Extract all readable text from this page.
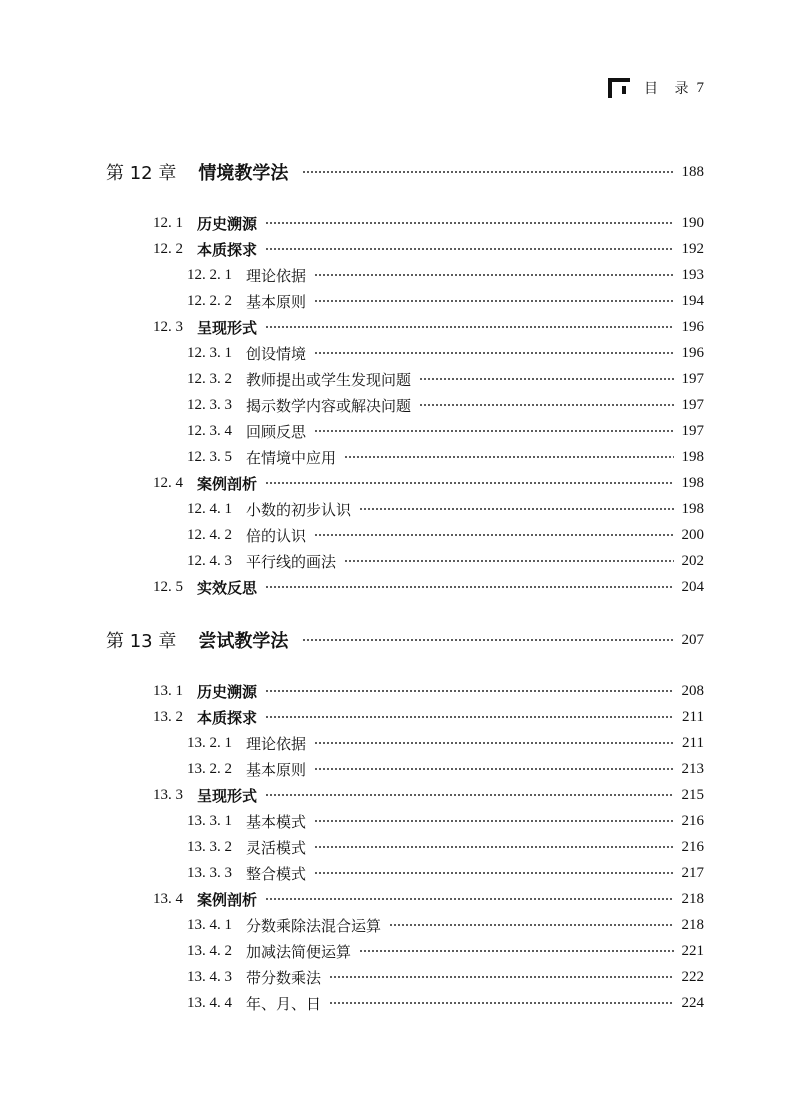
目 录 7
第 12 章 情境教学法	188
12. 1 历史溯源	190
12. 2 本质探求	192
12. 2. 1 理论依据	193
12. 2. 2 基本原则	194
12. 3 呈现形式	196
12. 3. 1 创设情境	196
12. 3. 2 教师提出或学生发现问题	197
12. 3. 3 揭示数学内容或解决问题	197
12. 3. 4 回顾反思	197
12. 3. 5 在情境中应用	198
12. 4 案例剖析	198
12. 4. 1 小数的初步认识	198
12. 4. 2 倍的认识	200
12. 4. 3 平行线的画法	202
12. 5 实效反思	204
第 13 章 尝试教学法	207
13. 1 历史溯源	208
13. 2 本质探求	211
13. 2. 1 理论依据	211
13. 2. 2 基本原则	213
13. 3 呈现形式	215
13. 3. 1 基本模式	216
13. 3. 2 灵活模式	216
13. 3. 3 整合模式	217
13. 4 案例剖析	218
13. 4. 1 分数乘除法混合运算	218
13. 4. 2 加减法简便运算	221
13. 4. 3 带分数乘法	222
13. 4. 4 年、月、日	224
